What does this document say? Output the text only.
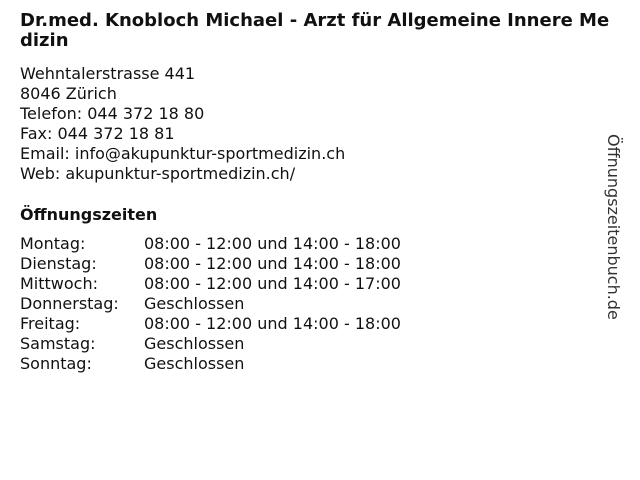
Dr.med. Knobloch Michael - Arzt für Allgemeine Innere Medizin
Wehntalerstrasse 441
8046 Zürich
Telefon: 044 372 18 80
Fax: 044 372 18 81
Email: info@akupunktur-sportmedizin.ch
Web: akupunktur-sportmedizin.ch/
Öffnungszeiten
Montag:	08:00 - 12:00 und 14:00 - 18:00
Dienstag:	08:00 - 12:00 und 14:00 - 18:00
Mittwoch:	08:00 - 12:00 und 14:00 - 17:00
Donnerstag:	Geschlossen
Freitag:	08:00 - 12:00 und 14:00 - 18:00
Samstag:	Geschlossen
Sonntag:	Geschlossen
Öffnungszeitenbuch.de
